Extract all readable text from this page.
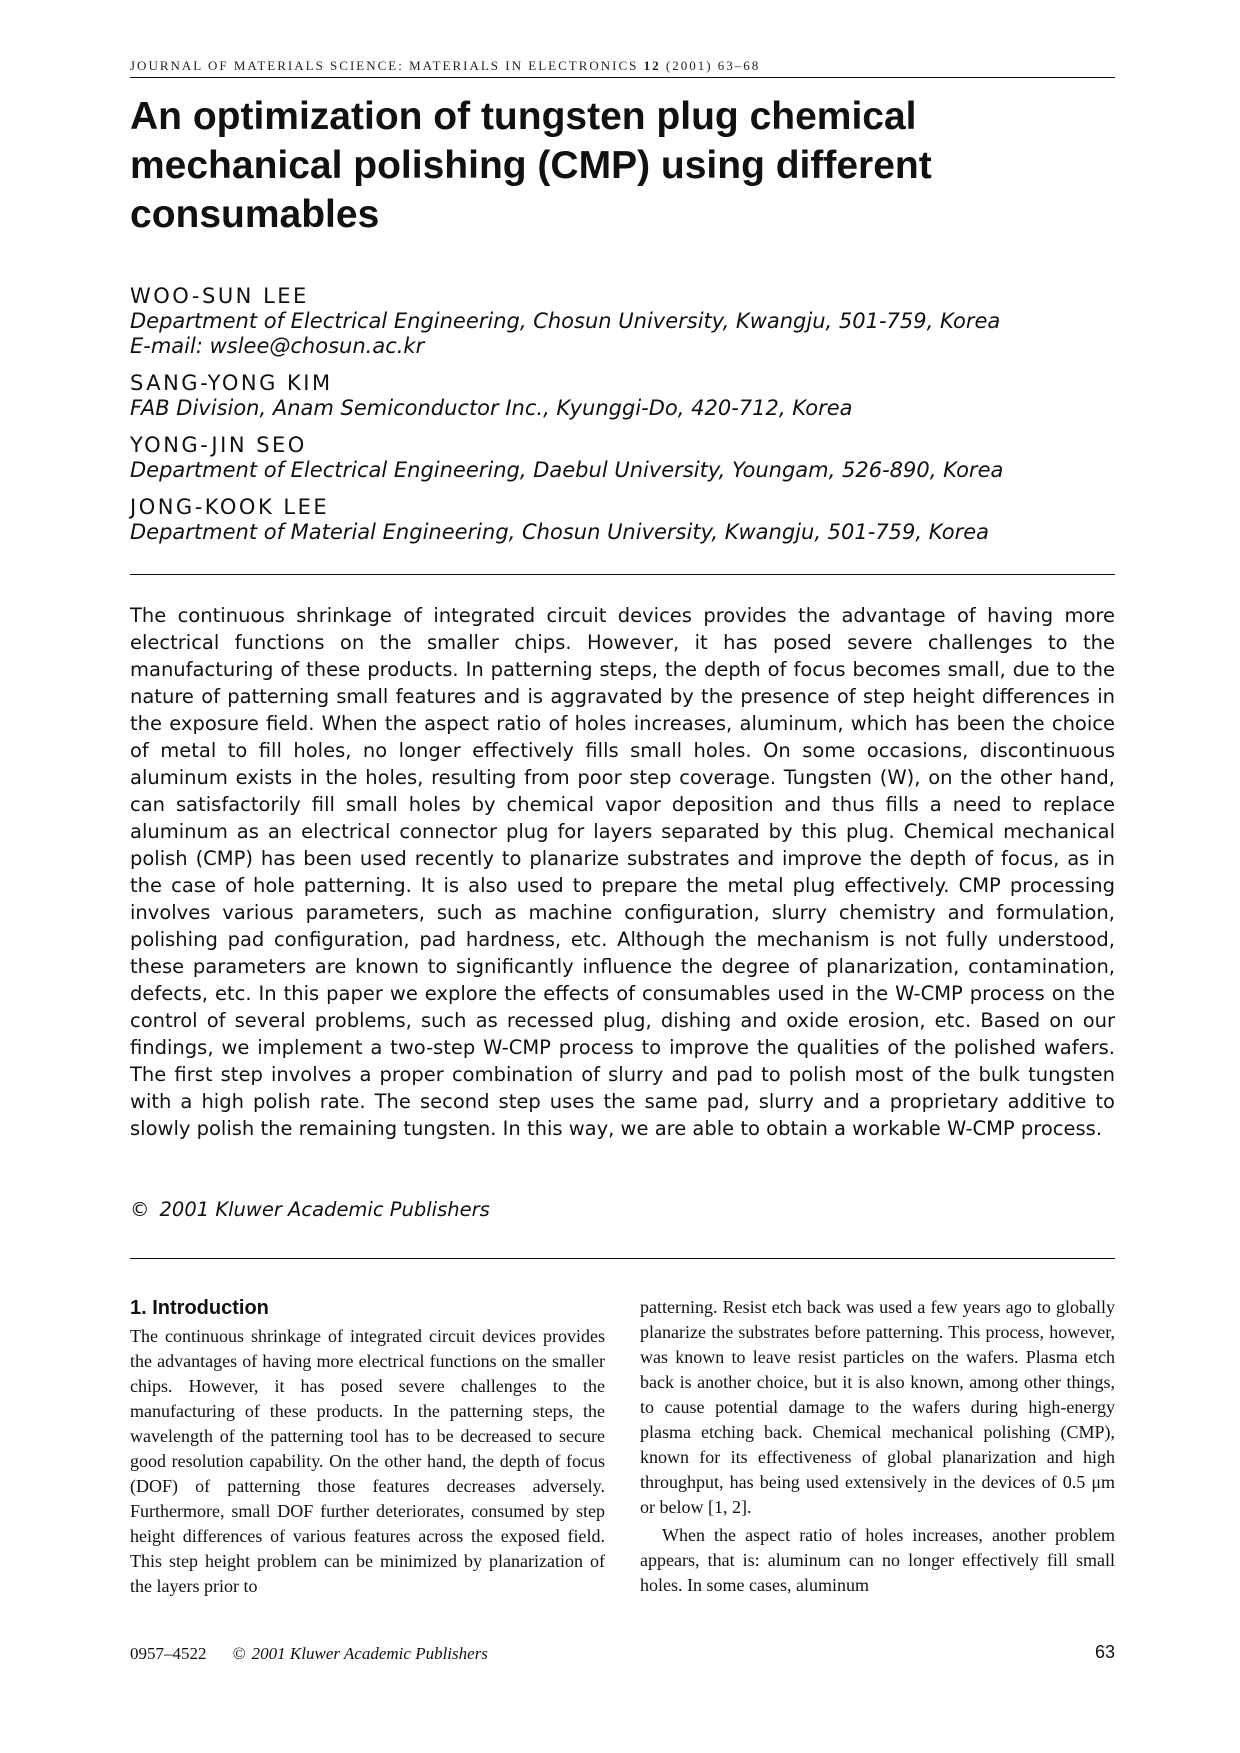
JOURNAL OF MATERIALS SCIENCE: MATERIALS IN ELECTRONICS 12 (2001) 63–68
An optimization of tungsten plug chemical mechanical polishing (CMP) using different consumables
WOO-SUN LEE
Department of Electrical Engineering, Chosun University, Kwangju, 501-759, Korea
E-mail: wslee@chosun.ac.kr
SANG-YONG KIM
FAB Division, Anam Semiconductor Inc., Kyunggi-Do, 420-712, Korea
YONG-JIN SEO
Department of Electrical Engineering, Daebul University, Youngam, 526-890, Korea
JONG-KOOK LEE
Department of Material Engineering, Chosun University, Kwangju, 501-759, Korea

The continuous shrinkage of integrated circuit devices provides the advantage of having more electrical functions on the smaller chips. However, it has posed severe challenges to the manufacturing of these products. In patterning steps, the depth of focus becomes small, due to the nature of patterning small features and is aggravated by the presence of step height differences in the exposure field. When the aspect ratio of holes increases, aluminum, which has been the choice of metal to fill holes, no longer effectively fills small holes. On some occasions, discontinuous aluminum exists in the holes, resulting from poor step coverage. Tungsten (W), on the other hand, can satisfactorily fill small holes by chemical vapor deposition and thus fills a need to replace aluminum as an electrical connector plug for layers separated by this plug. Chemical mechanical polish (CMP) has been used recently to planarize substrates and improve the depth of focus, as in the case of hole patterning. It is also used to prepare the metal plug effectively. CMP processing involves various parameters, such as machine configuration, slurry chemistry and formulation, polishing pad configuration, pad hardness, etc. Although the mechanism is not fully understood, these parameters are known to significantly influence the degree of planarization, contamination, defects, etc. In this paper we explore the effects of consumables used in the W-CMP process on the control of several problems, such as recessed plug, dishing and oxide erosion, etc. Based on our findings, we implement a two-step W-CMP process to improve the qualities of the polished wafers. The first step involves a proper combination of slurry and pad to polish most of the bulk tungsten with a high polish rate. The second step uses the same pad, slurry and a proprietary additive to slowly polish the remaining tungsten. In this way, we are able to obtain a workable W-CMP process.

© 2001 Kluwer Academic Publishers
1. Introduction

The continuous shrinkage of integrated circuit devices provides the advantages of having more electrical functions on the smaller chips. However, it has posed severe challenges to the manufacturing of these products. In the patterning steps, the wavelength of the patterning tool has to be decreased to secure good resolution capability. On the other hand, the depth of focus (DOF) of patterning those features decreases adversely. Furthermore, small DOF further deteriorates, consumed by step height differences of various features across the exposed field. This step height problem can be minimized by planarization of the layers prior to

patterning. Resist etch back was used a few years ago to globally planarize the substrates before patterning. This process, however, was known to leave resist particles on the wafers. Plasma etch back is another choice, but it is also known, among other things, to cause potential damage to the wafers during high-energy plasma etching back. Chemical mechanical polishing (CMP), known for its effectiveness of global planarization and high throughput, has being used extensively in the devices of 0.5 μm or below [1, 2].

When the aspect ratio of holes increases, another problem appears, that is: aluminum can no longer effectively fill small holes. In some cases, aluminum

0957–4522 © 2001 Kluwer Academic Publishers	63
